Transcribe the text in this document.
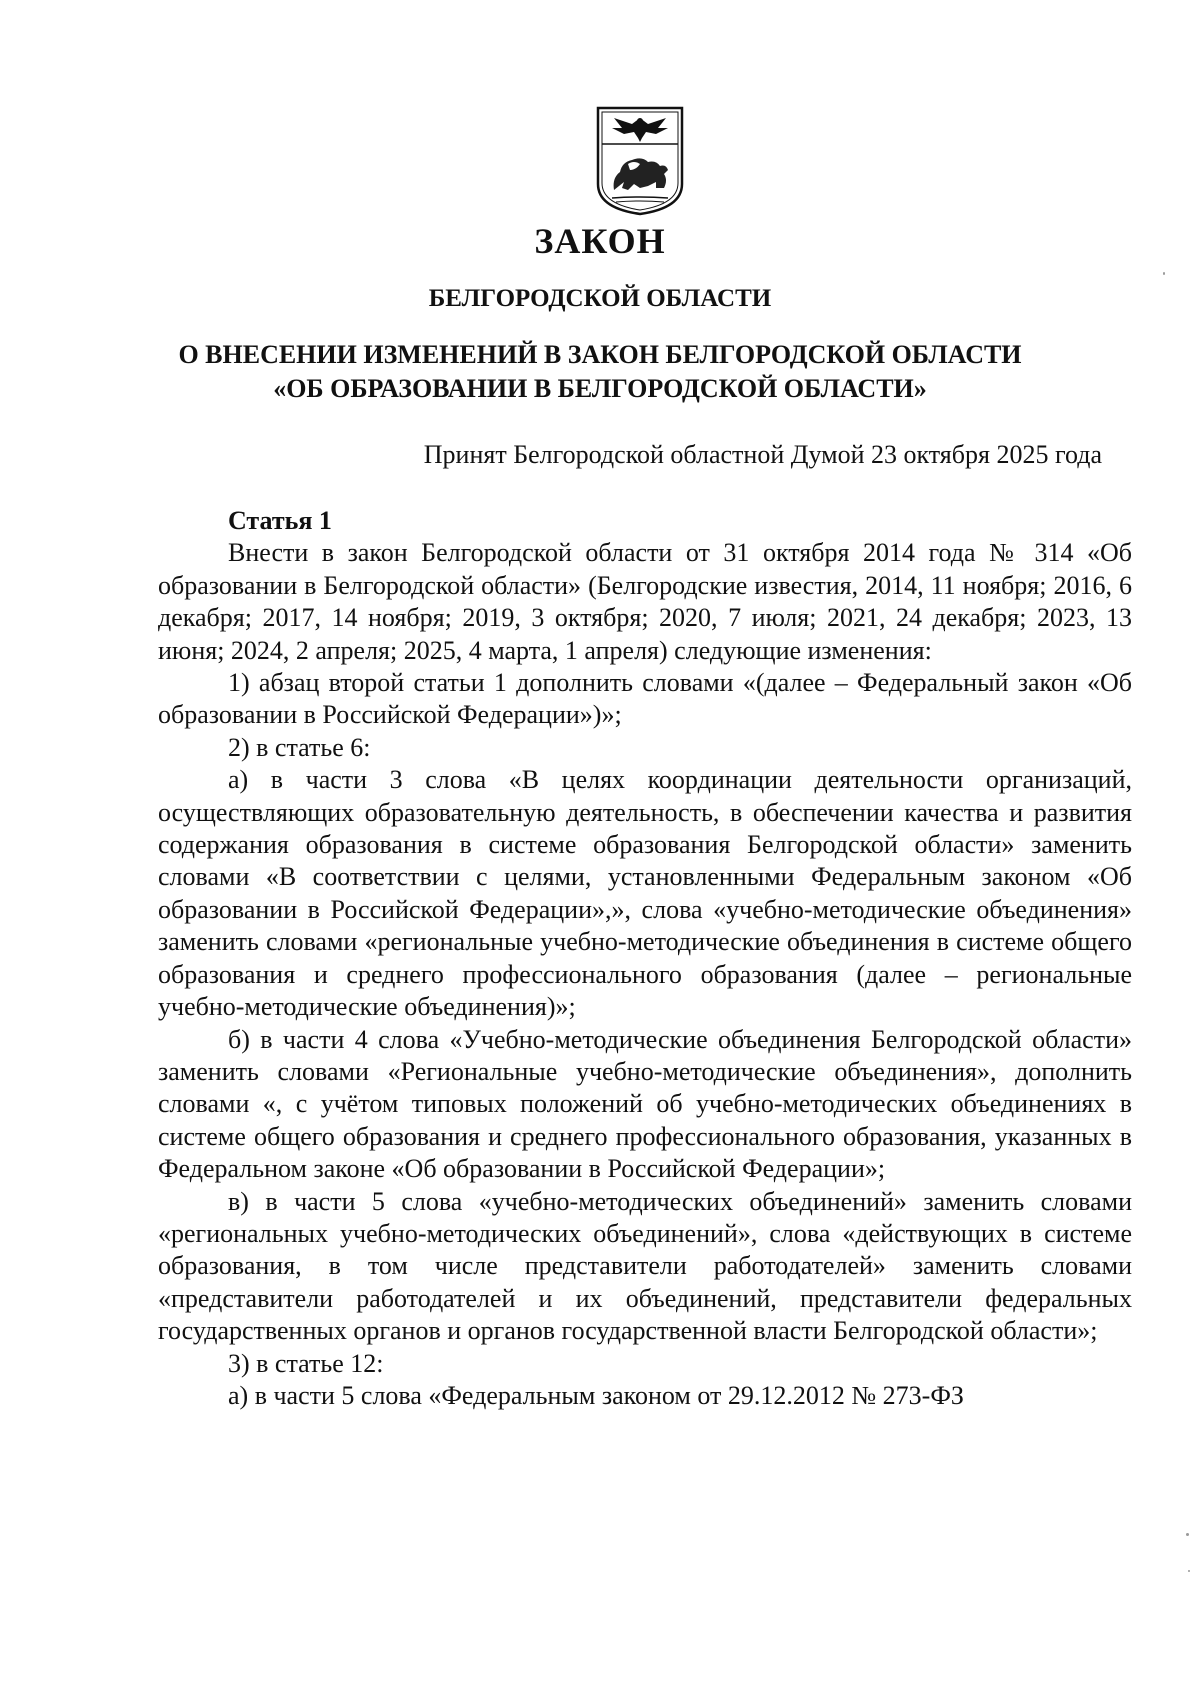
ЗАКОН
БЕЛГОРОДСКОЙ ОБЛАСТИ
О ВНЕСЕНИИ ИЗМЕНЕНИЙ В ЗАКОН БЕЛГОРОДСКОЙ ОБЛАСТИ
«ОБ ОБРАЗОВАНИИ В БЕЛГОРОДСКОЙ ОБЛАСТИ»

Принят Белгородской областной Думой 23 октября 2025 года

Статья 1

Внести в закон Белгородской области от 31 октября 2014 года № 314 «Об образовании в Белгородской области» (Белгородские известия, 2014, 11 ноября; 2016, 6 декабря; 2017, 14 ноября; 2019, 3 октября; 2020, 7 июля; 2021, 24 декабря; 2023, 13 июня; 2024, 2 апреля; 2025, 4 марта, 1 апреля) следующие изменения:

1) абзац второй статьи 1 дополнить словами «(далее – Федеральный закон «Об образовании в Российской Федерации»)»;

2) в статье 6:

а) в части 3 слова «В целях координации деятельности организаций, осуществляющих образовательную деятельность, в обеспечении качества и развития содержания образования в системе образования Белгородской области» заменить словами «В соответствии с целями, установленными Федеральным законом «Об образовании в Российской Федерации»,», слова «учебно-методические объединения» заменить словами «региональные учебно-методические объединения в системе общего образования и среднего профессионального образования (далее – региональные учебно-методические объединения)»;

б) в части 4 слова «Учебно-методические объединения Белгородской области» заменить словами «Региональные учебно-методические объединения», дополнить словами «, с учётом типовых положений об учебно-методических объединениях в системе общего образования и среднего профессионального образования, указанных в Федеральном законе «Об образовании в Российской Федерации»;

в) в части 5 слова «учебно-методических объединений» заменить словами «региональных учебно-методических объединений», слова «действующих в системе образования, в том числе представители работодателей» заменить словами «представители работодателей и их объединений, представители федеральных государственных органов и органов государственной власти Белгородской области»;

3) в статье 12:

а) в части 5 слова «Федеральным законом от 29.12.2012 № 273-ФЗ
